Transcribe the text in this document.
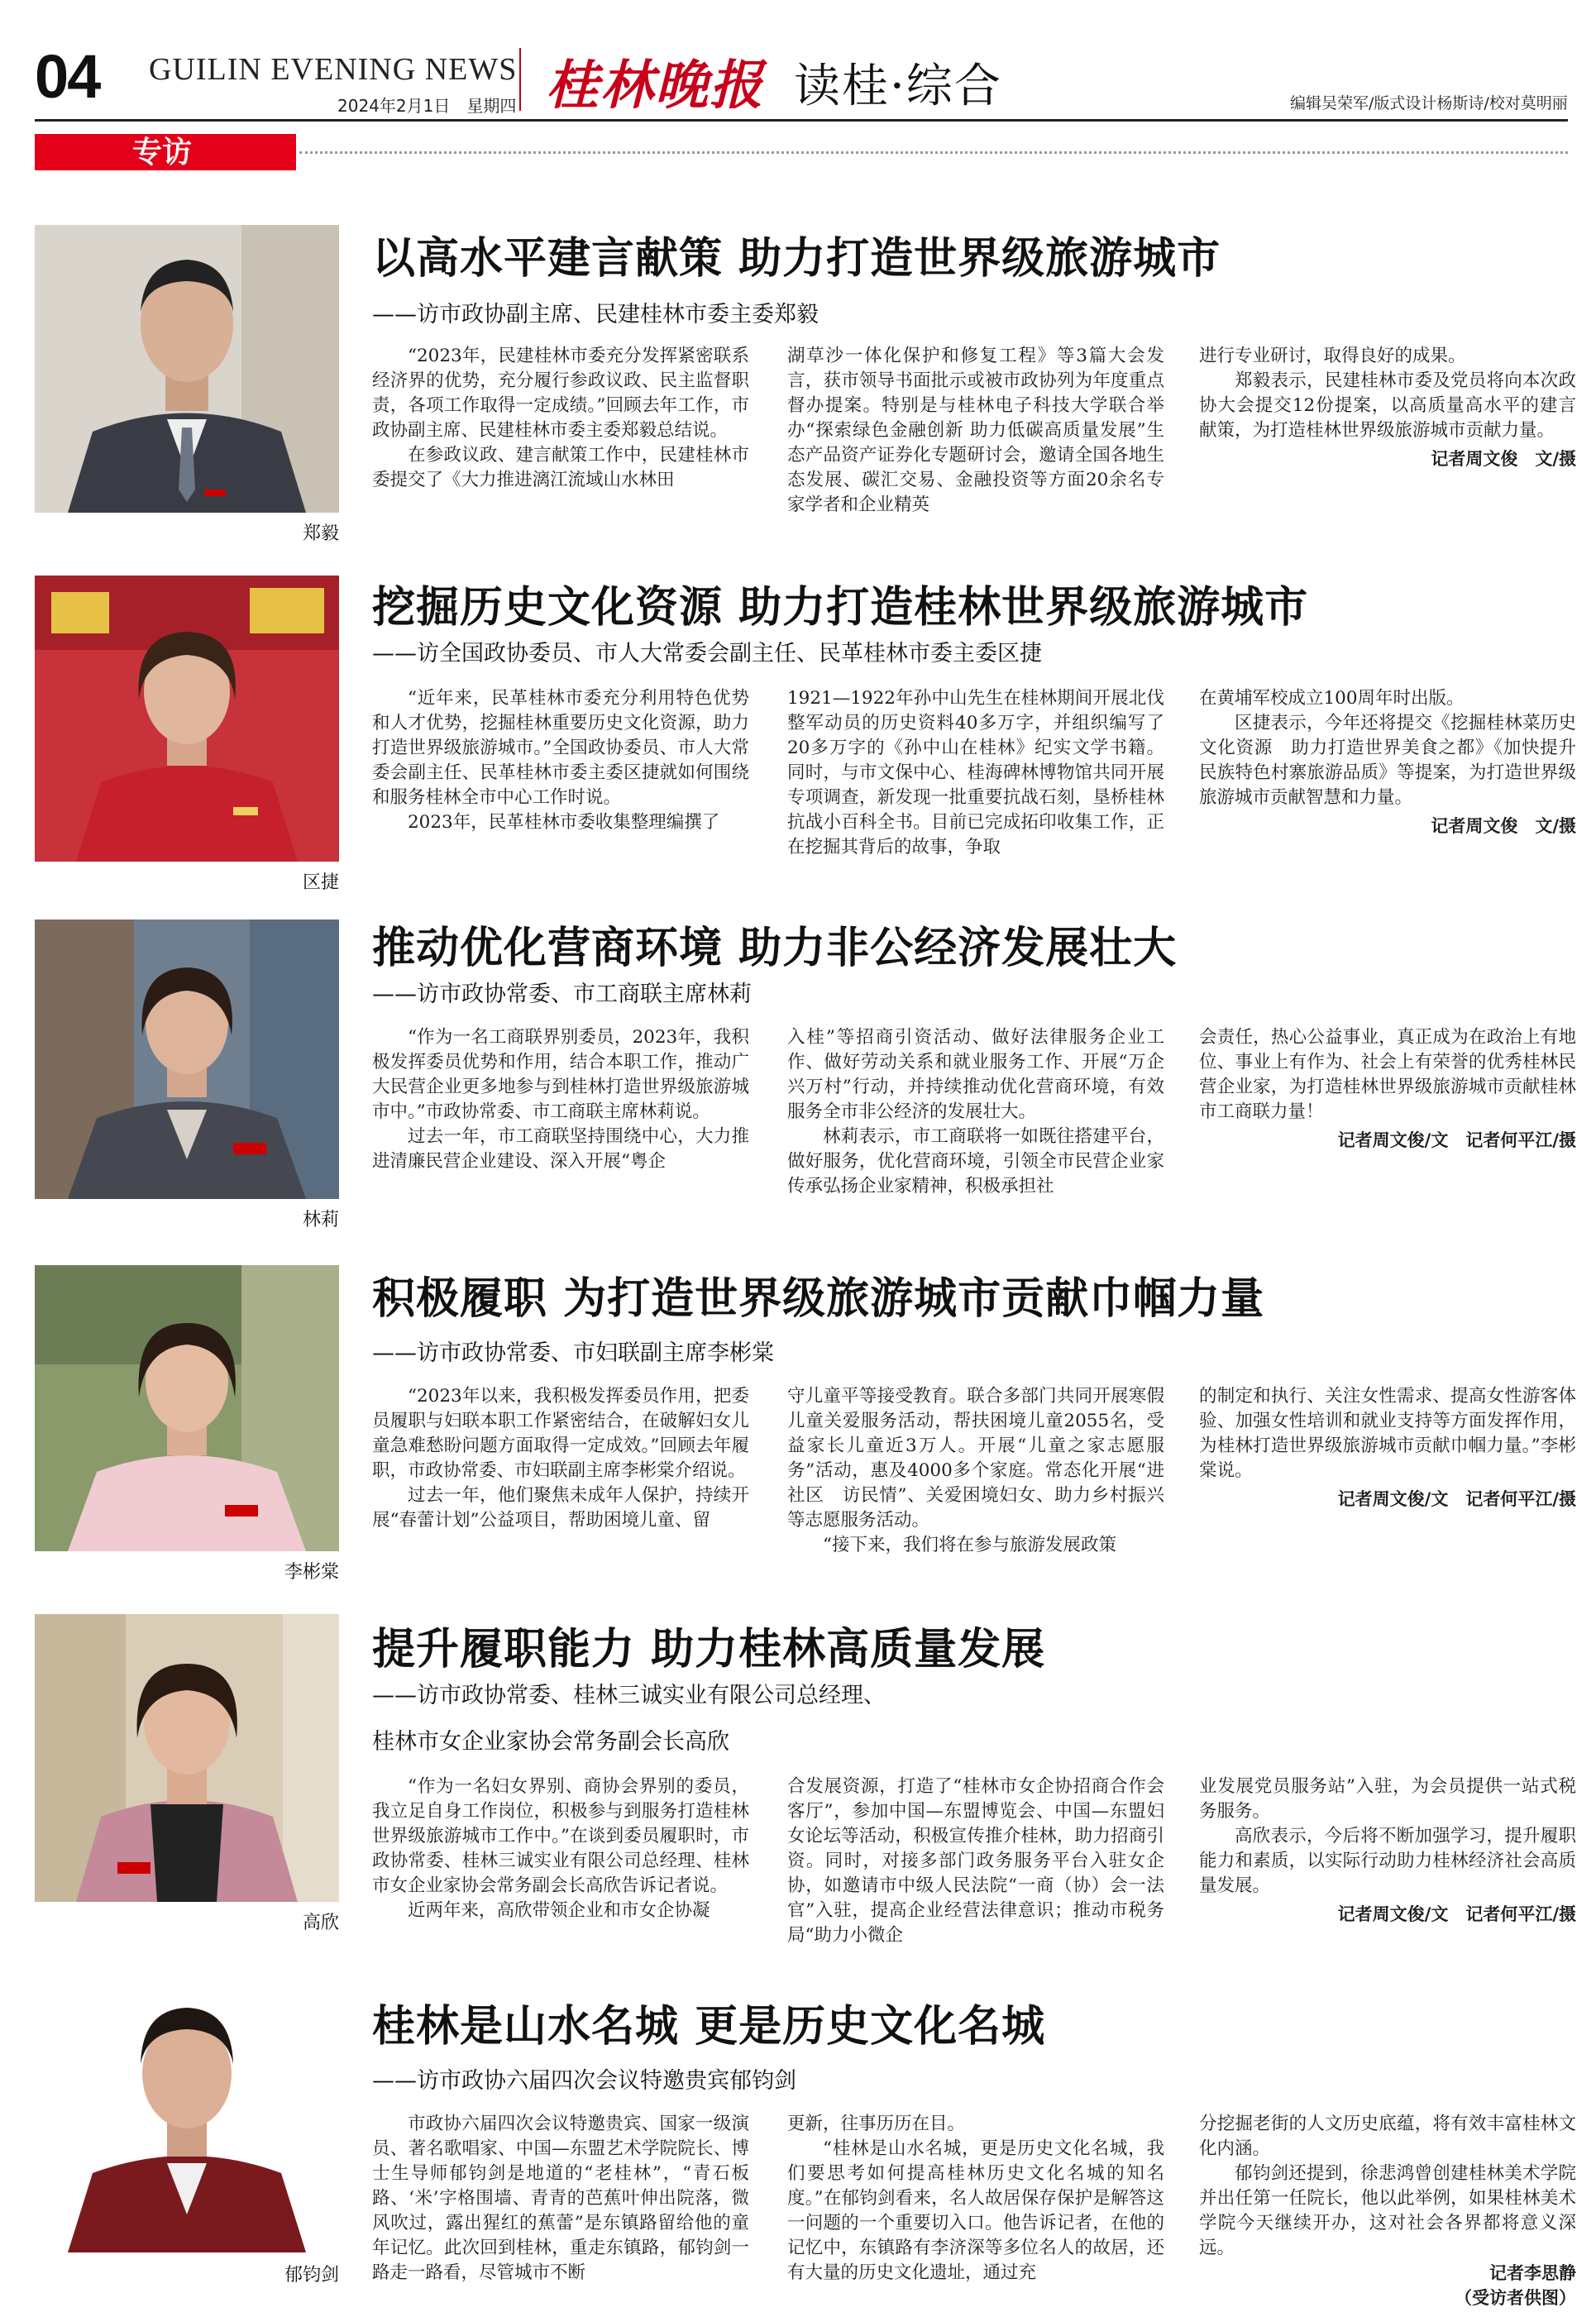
04 GUILIN EVENING NEWS
2024年2月1日　星期四 桂林晚报 读桂·综合	编辑吴荣军/版式设计杨斯诗/校对莫明丽
专访
郑毅
以高水平建言献策 助力打造世界级旅游城市
——访市政协副主席、民建桂林市委主委郑毅

“2023年，民建桂林市委充分发挥紧密联系经济界的优势，充分履行参政议政、民主监督职责，各项工作取得一定成绩。”回顾去年工作，市政协副主席、民建桂林市委主委郑毅总结说。

在参政议政、建言献策工作中，民建桂林市委提交了《大力推进漓江流域山水林田

湖草沙一体化保护和修复工程》等3篇大会发言，获市领导书面批示或被市政协列为年度重点督办提案。特别是与桂林电子科技大学联合举办“探索绿色金融创新 助力低碳高质量发展”生态产品资产证券化专题研讨会，邀请全国各地生态发展、碳汇交易、金融投资等方面20余名专家学者和企业精英

进行专业研讨，取得良好的成果。

郑毅表示，民建桂林市委及党员将向本次政协大会提交12份提案，以高质量高水平的建言献策，为打造桂林世界级旅游城市贡献力量。

记者周文俊　文/摄

区捷
挖掘历史文化资源 助力打造桂林世界级旅游城市
——访全国政协委员、市人大常委会副主任、民革桂林市委主委区捷

“近年来，民革桂林市委充分利用特色优势和人才优势，挖掘桂林重要历史文化资源，助力打造世界级旅游城市。”全国政协委员、市人大常委会副主任、民革桂林市委主委区捷就如何围绕和服务桂林全市中心工作时说。

2023年，民革桂林市委收集整理编撰了

1921—1922年孙中山先生在桂林期间开展北伐整军动员的历史资料40多万字，并组织编写了20多万字的《孙中山在桂林》纪实文学书籍。同时，与市文保中心、桂海碑林博物馆共同开展专项调查，新发现一批重要抗战石刻，垦桥桂林抗战小百科全书。目前已完成拓印收集工作，正在挖掘其背后的故事，争取

在黄埔军校成立100周年时出版。

区捷表示，今年还将提交《挖掘桂林菜历史文化资源　助力打造世界美食之都》《加快提升民族特色村寨旅游品质》等提案，为打造世界级旅游城市贡献智慧和力量。

记者周文俊　文/摄

林莉
推动优化营商环境 助力非公经济发展壮大
——访市政协常委、市工商联主席林莉

“作为一名工商联界别委员，2023年，我积极发挥委员优势和作用，结合本职工作，推动广大民营企业更多地参与到桂林打造世界级旅游城市中。”市政协常委、市工商联主席林莉说。

过去一年，市工商联坚持围绕中心，大力推进清廉民营企业建设、深入开展“粤企

入桂”等招商引资活动、做好法律服务企业工作、做好劳动关系和就业服务工作、开展“万企兴万村”行动，并持续推动优化营商环境，有效服务全市非公经济的发展壮大。

林莉表示，市工商联将一如既往搭建平台，做好服务，优化营商环境，引领全市民营企业家传承弘扬企业家精神，积极承担社

会责任，热心公益事业，真正成为在政治上有地位、事业上有作为、社会上有荣誉的优秀桂林民营企业家，为打造桂林世界级旅游城市贡献桂林市工商联力量！

记者周文俊/文　记者何平江/摄

李彬棠
积极履职 为打造世界级旅游城市贡献巾帼力量
——访市政协常委、市妇联副主席李彬棠

“2023年以来，我积极发挥委员作用，把委员履职与妇联本职工作紧密结合，在破解妇女儿童急难愁盼问题方面取得一定成效。”回顾去年履职，市政协常委、市妇联副主席李彬棠介绍说。

过去一年，他们聚焦未成年人保护，持续开展“春蕾计划”公益项目，帮助困境儿童、留

守儿童平等接受教育。联合多部门共同开展寒假儿童关爱服务活动，帮扶困境儿童2055名，受益家长儿童近3万人。开展“儿童之家志愿服务”活动，惠及4000多个家庭。常态化开展“进社区　访民情”、关爱困境妇女、助力乡村振兴等志愿服务活动。

“接下来，我们将在参与旅游发展政策

的制定和执行、关注女性需求、提高女性游客体验、加强女性培训和就业支持等方面发挥作用，为桂林打造世界级旅游城市贡献巾帼力量。”李彬棠说。

记者周文俊/文　记者何平江/摄

高欣
提升履职能力 助力桂林高质量发展
——访市政协常委、桂林三诚实业有限公司总经理、
桂林市女企业家协会常务副会长高欣

“作为一名妇女界别、商协会界别的委员，我立足自身工作岗位，积极参与到服务打造桂林世界级旅游城市工作中。”在谈到委员履职时，市政协常委、桂林三诚实业有限公司总经理、桂林市女企业家协会常务副会长高欣告诉记者说。

近两年来，高欣带领企业和市女企协凝

合发展资源，打造了“桂林市女企协招商合作会客厅”，参加中国—东盟博览会、中国—东盟妇女论坛等活动，积极宣传推介桂林，助力招商引资。同时，对接多部门政务服务平台入驻女企协，如邀请市中级人民法院“一商（协）会一法官”入驻，提高企业经营法律意识；推动市税务局“助力小微企

业发展党员服务站”入驻，为会员提供一站式税务服务。

高欣表示，今后将不断加强学习，提升履职能力和素质，以实际行动助力桂林经济社会高质量发展。

记者周文俊/文　记者何平江/摄

郁钧剑
桂林是山水名城 更是历史文化名城
——访市政协六届四次会议特邀贵宾郁钧剑

市政协六届四次会议特邀贵宾、国家一级演员、著名歌唱家、中国—东盟艺术学院院长、博士生导师郁钧剑是地道的“老桂林”，“青石板路、‘米’字格围墙、青青的芭蕉叶伸出院落，微风吹过，露出猩红的蕉蕾”是东镇路留给他的童年记忆。此次回到桂林，重走东镇路，郁钧剑一路走一路看，尽管城市不断

更新，往事历历在目。

“桂林是山水名城，更是历史文化名城，我们要思考如何提高桂林历史文化名城的知名度。”在郁钧剑看来，名人故居保存保护是解答这一问题的一个重要切入口。他告诉记者，在他的记忆中，东镇路有李济深等多位名人的故居，还有大量的历史文化遗址，通过充

分挖掘老街的人文历史底蕴，将有效丰富桂林文化内涵。

郁钧剑还提到，徐悲鸿曾创建桂林美术学院并出任第一任院长，他以此举例，如果桂林美术学院今天继续开办，这对社会各界都将意义深远。

记者李思静

（受访者供图）
